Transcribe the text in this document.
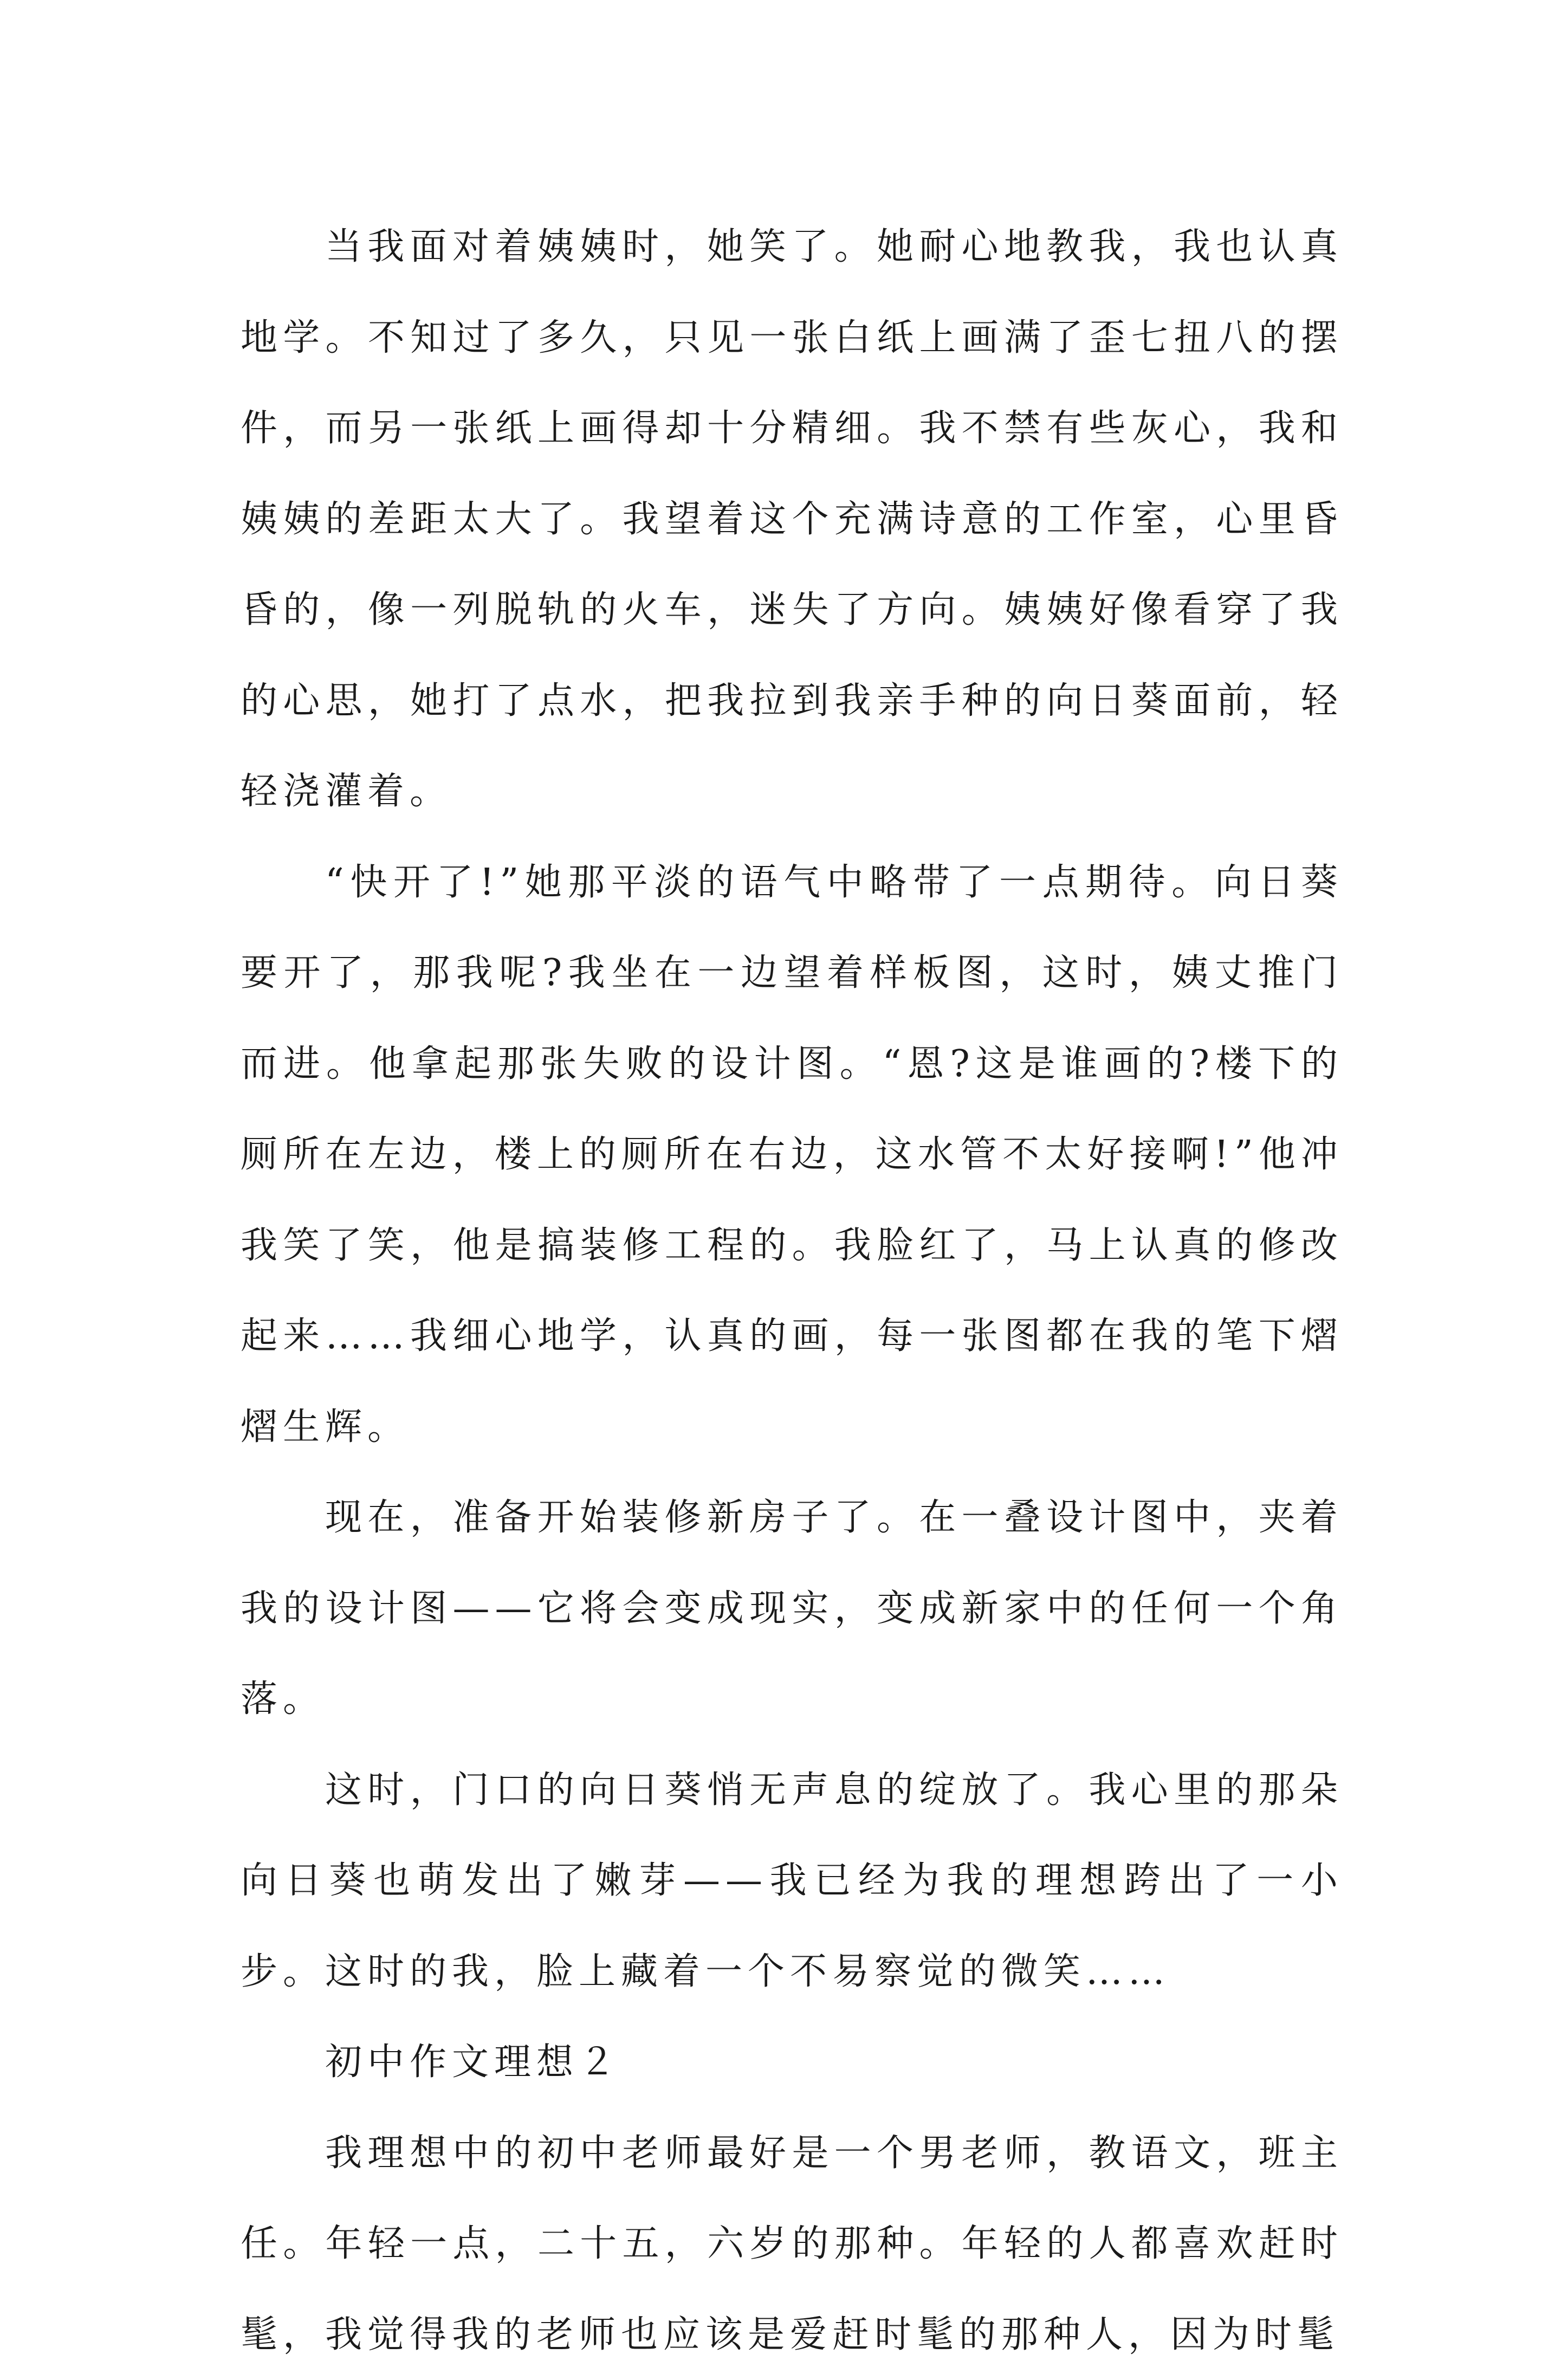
当我面对着姨姨时，她笑了。她耐心地教我，我也认真地学。不知过了多久，只见一张白纸上画满了歪七扭八的摆件，而另一张纸上画得却十分精细。我不禁有些灰心，我和姨姨的差距太大了。我望着这个充满诗意的工作室，心里昏昏的，像一列脱轨的火车，迷失了方向。姨姨好像看穿了我的心思，她打了点水，把我拉到我亲手种的向日葵面前，轻轻浇灌着。

“快开了!”她那平淡的语气中略带了一点期待。向日葵要开了，那我呢?我坐在一边望着样板图，这时，姨丈推门而进。他拿起那张失败的设计图。“恩?这是谁画的?楼下的厕所在左边，楼上的厕所在右边，这水管不太好接啊!”他冲我笑了笑，他是搞装修工程的。我脸红了，马上认真的修改起来……我细心地学，认真的画，每一张图都在我的笔下熠熠生辉。

现在，准备开始装修新房子了。在一叠设计图中，夹着我的设计图——它将会变成现实，变成新家中的任何一个角落。

这时，门口的向日葵悄无声息的绽放了。我心里的那朵向日葵也萌发出了嫩芽——我已经为我的理想跨出了一小步。这时的我，脸上藏着一个不易察觉的微笑……

初中作文理想２

我理想中的初中老师最好是一个男老师，教语文，班主任。年轻一点，二十五，六岁的那种。年轻的人都喜欢赶时髦，我觉得我的老师也应该是爱赶时髦的那种人，因为时髦
